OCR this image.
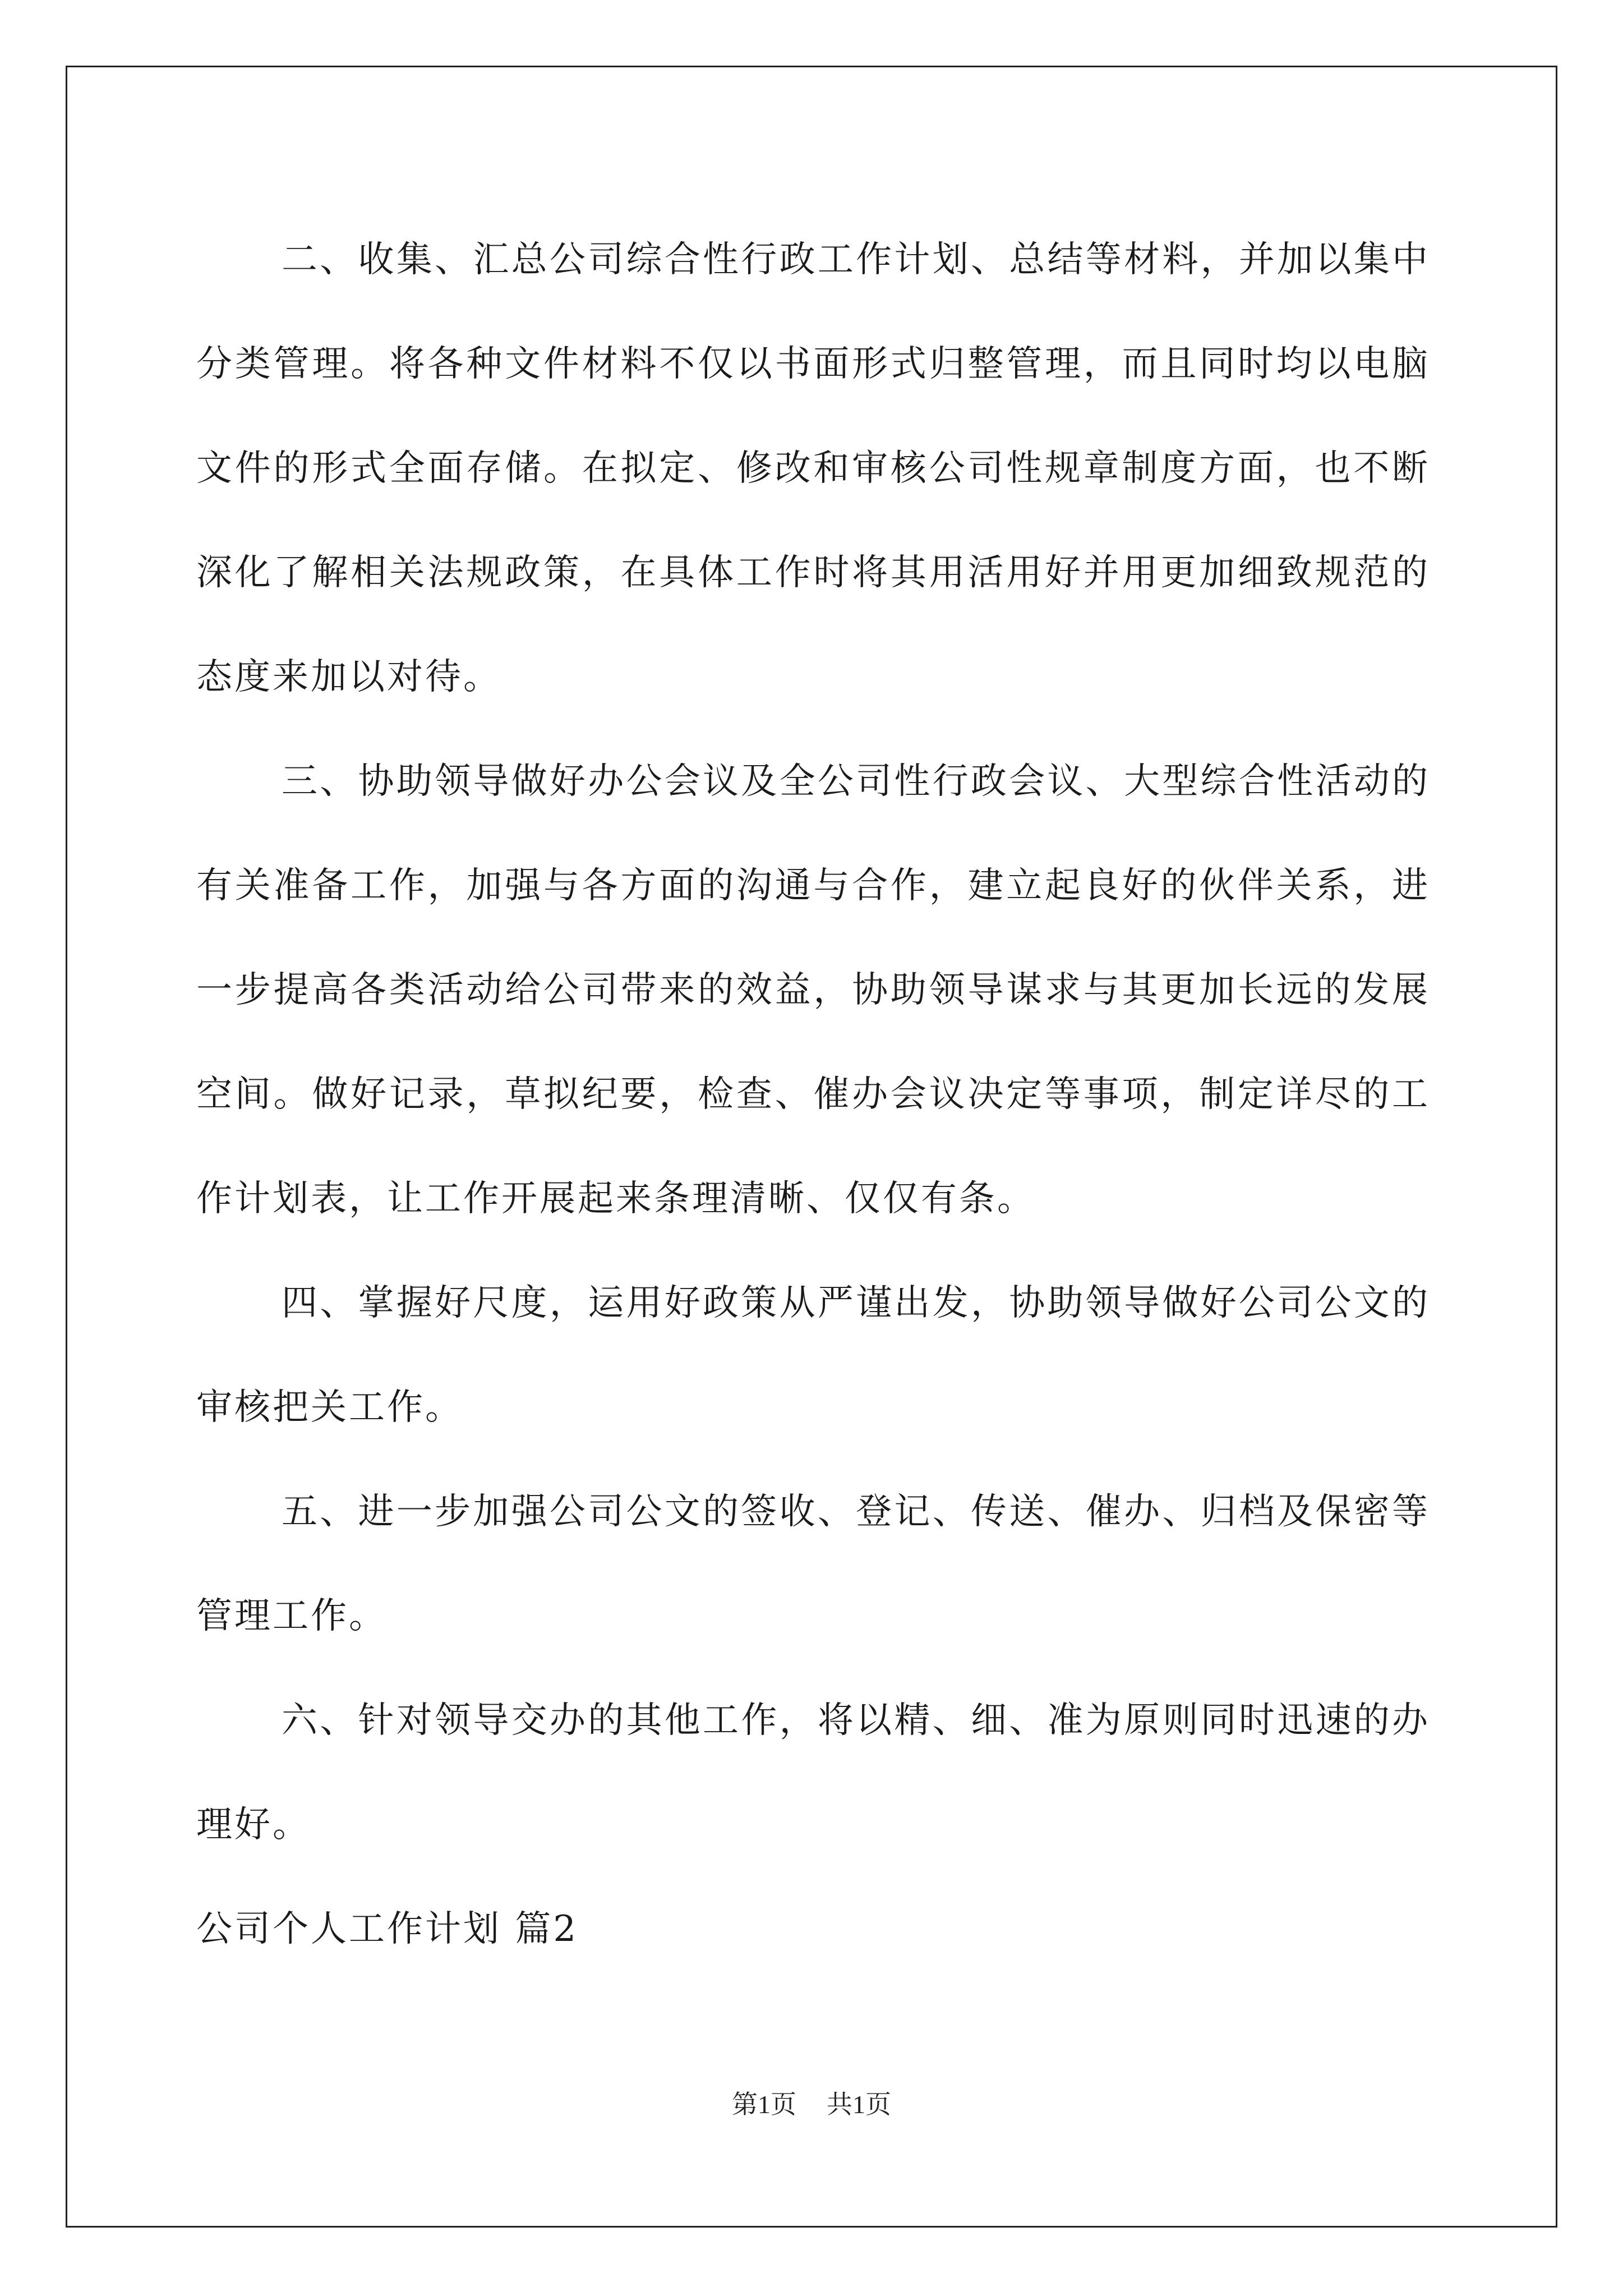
二、收集、汇总公司综合性行政工作计划、总结等材料，并加以集中分类管理。将各种文件材料不仅以书面形式归整管理，而且同时均以电脑文件的形式全面存储。在拟定、修改和审核公司性规章制度方面，也不断深化了解相关法规政策，在具体工作时将其用活用好并用更加细致规范的态度来加以对待。

三、协助领导做好办公会议及全公司性行政会议、大型综合性活动的有关准备工作，加强与各方面的沟通与合作，建立起良好的伙伴关系，进一步提高各类活动给公司带来的效益，协助领导谋求与其更加长远的发展空间。做好记录，草拟纪要，检查、催办会议决定等事项，制定详尽的工作计划表，让工作开展起来条理清晰、仅仅有条。

四、掌握好尺度，运用好政策从严谨出发，协助领导做好公司公文的审核把关工作。

五、进一步加强公司公文的签收、登记、传送、催办、归档及保密等管理工作。

六、针对领导交办的其他工作，将以精、细、准为原则同时迅速的办理好。

公司个人工作计划 篇2

第1页 共1页
